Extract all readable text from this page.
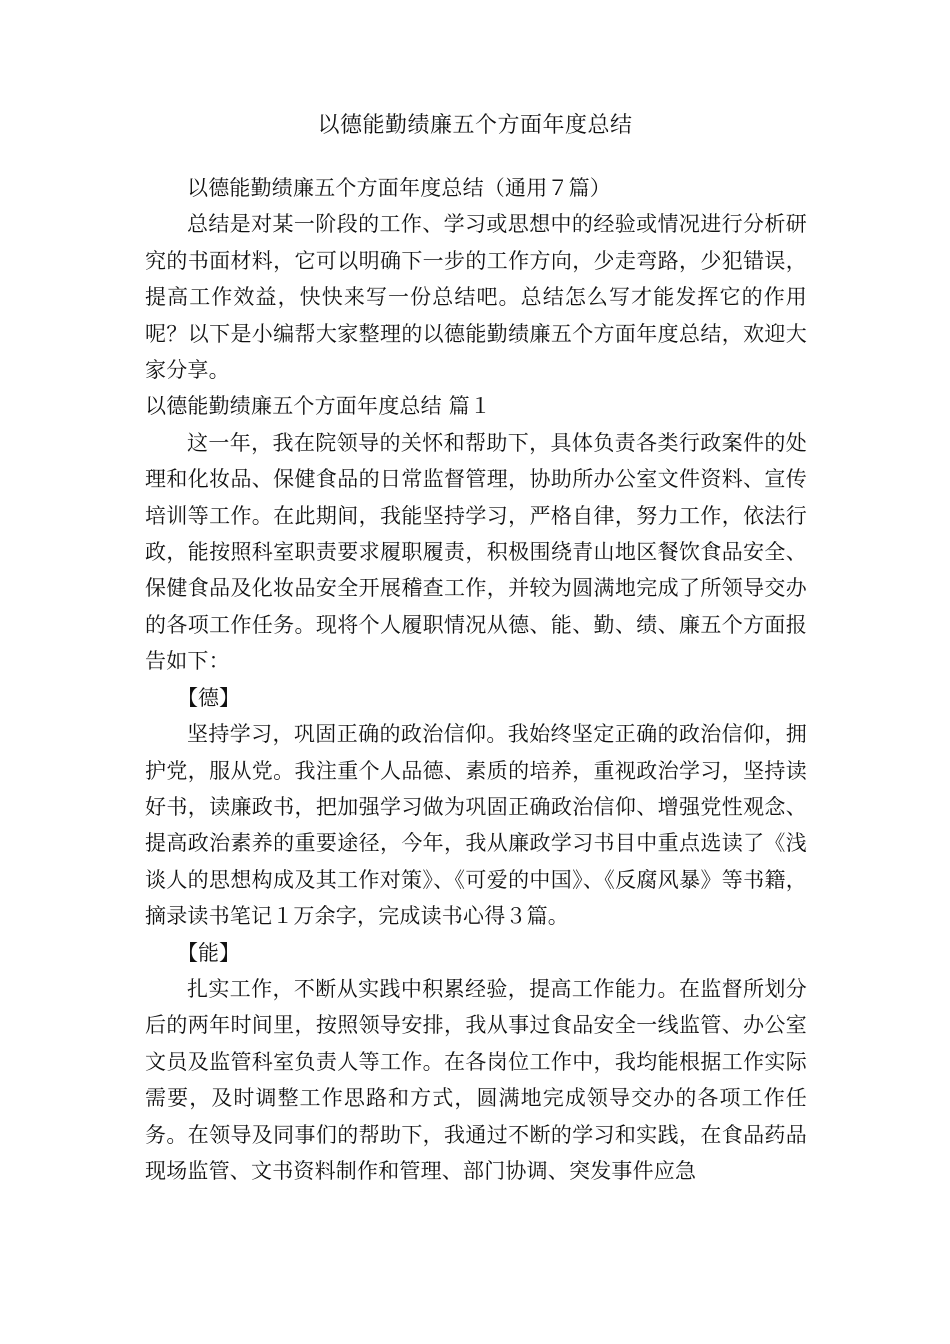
以德能勤绩廉五个方面年度总结

以德能勤绩廉五个方面年度总结（通用７篇）

总结是对某一阶段的工作、学习或思想中的经验或情况进行分析研究的书面材料，它可以明确下一步的工作方向，少走弯路，少犯错误，提高工作效益，快快来写一份总结吧。总结怎么写才能发挥它的作用呢？以下是小编帮大家整理的以德能勤绩廉五个方面年度总结，欢迎大家分享。

以德能勤绩廉五个方面年度总结 篇１

这一年，我在院领导的关怀和帮助下，具体负责各类行政案件的处理和化妆品、保健食品的日常监督管理，协助所办公室文件资料、宣传培训等工作。在此期间，我能坚持学习，严格自律，努力工作，依法行政，能按照科室职责要求履职履责，积极围绕青山地区餐饮食品安全、保健食品及化妆品安全开展稽查工作，并较为圆满地完成了所领导交办的各项工作任务。现将个人履职情况从德、能、勤、绩、廉五个方面报告如下：

【德】

坚持学习，巩固正确的政治信仰。我始终坚定正确的政治信仰，拥护党，服从党。我注重个人品德、素质的培养，重视政治学习，坚持读好书，读廉政书，把加强学习做为巩固正确政治信仰、增强党性观念、提高政治素养的重要途径，今年，我从廉政学习书目中重点选读了《浅谈人的思想构成及其工作对策》、《可爱的中国》、《反腐风暴》等书籍，摘录读书笔记１万余字，完成读书心得３篇。

【能】

扎实工作，不断从实践中积累经验，提高工作能力。在监督所划分后的两年时间里，按照领导安排，我从事过食品安全一线监管、办公室文员及监管科室负责人等工作。在各岗位工作中，我均能根据工作实际需要，及时调整工作思路和方式，圆满地完成领导交办的各项工作任务。在领导及同事们的帮助下，我通过不断的学习和实践，在食品药品现场监管、文书资料制作和管理、部门协调、突发事件应急
